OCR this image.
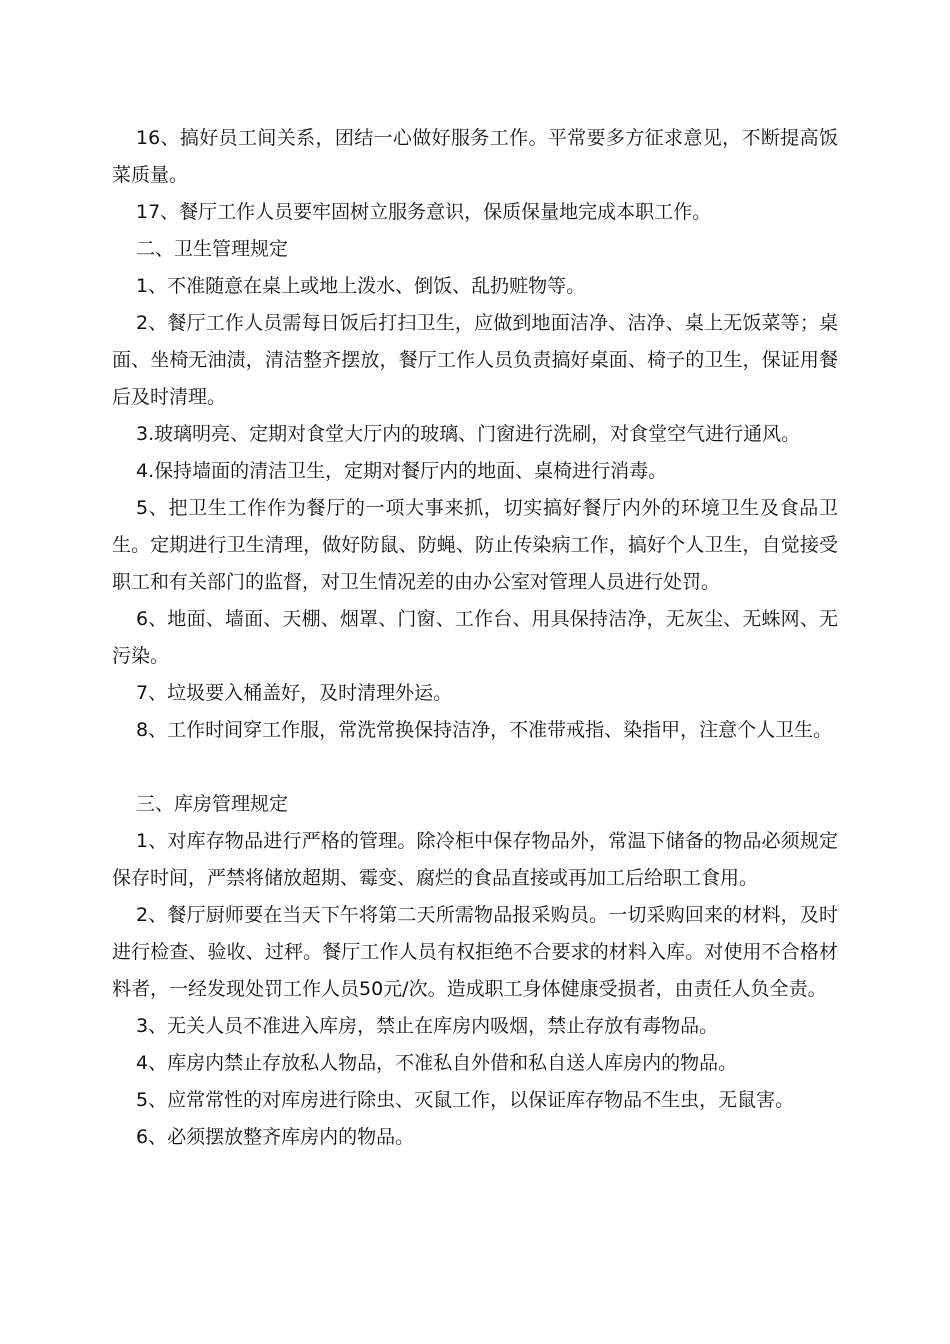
16、搞好员工间关系，团结一心做好服务工作。平常要多方征求意见，不断提高饭菜质量。

17、餐厅工作人员要牢固树立服务意识，保质保量地完成本职工作。

二、卫生管理规定

1、不准随意在桌上或地上泼水、倒饭、乱扔赃物等。

2、餐厅工作人员需每日饭后打扫卫生，应做到地面洁净、洁净、桌上无饭菜等；桌面、坐椅无油渍，清洁整齐摆放，餐厅工作人员负责搞好桌面、椅子的卫生，保证用餐后及时清理。

3.玻璃明亮、定期对食堂大厅内的玻璃、门窗进行洗刷，对食堂空气进行通风。

4.保持墙面的清洁卫生，定期对餐厅内的地面、桌椅进行消毒。

5、把卫生工作作为餐厅的一项大事来抓，切实搞好餐厅内外的环境卫生及食品卫生。定期进行卫生清理，做好防鼠、防蝇、防止传染病工作，搞好个人卫生，自觉接受职工和有关部门的监督，对卫生情况差的由办公室对管理人员进行处罚。

6、地面、墙面、天棚、烟罩、门窗、工作台、用具保持洁净，无灰尘、无蛛网、无污染。

7、垃圾要入桶盖好，及时清理外运。

8、工作时间穿工作服，常洗常换保持洁净，不准带戒指、染指甲，注意个人卫生。

三、库房管理规定

1、对库存物品进行严格的管理。除冷柜中保存物品外，常温下储备的物品必须规定保存时间，严禁将储放超期、霉变、腐烂的食品直接或再加工后给职工食用。

2、餐厅厨师要在当天下午将第二天所需物品报采购员。一切采购回来的材料，及时进行检查、验收、过秤。餐厅工作人员有权拒绝不合要求的材料入库。对使用不合格材料者，一经发现处罚工作人员50元/次。造成职工身体健康受损者，由责任人负全责。

3、无关人员不准进入库房，禁止在库房内吸烟，禁止存放有毒物品。

4、库房内禁止存放私人物品，不准私自外借和私自送人库房内的物品。

5、应常常性的对库房进行除虫、灭鼠工作，以保证库存物品不生虫，无鼠害。

6、必须摆放整齐库房内的物品。
